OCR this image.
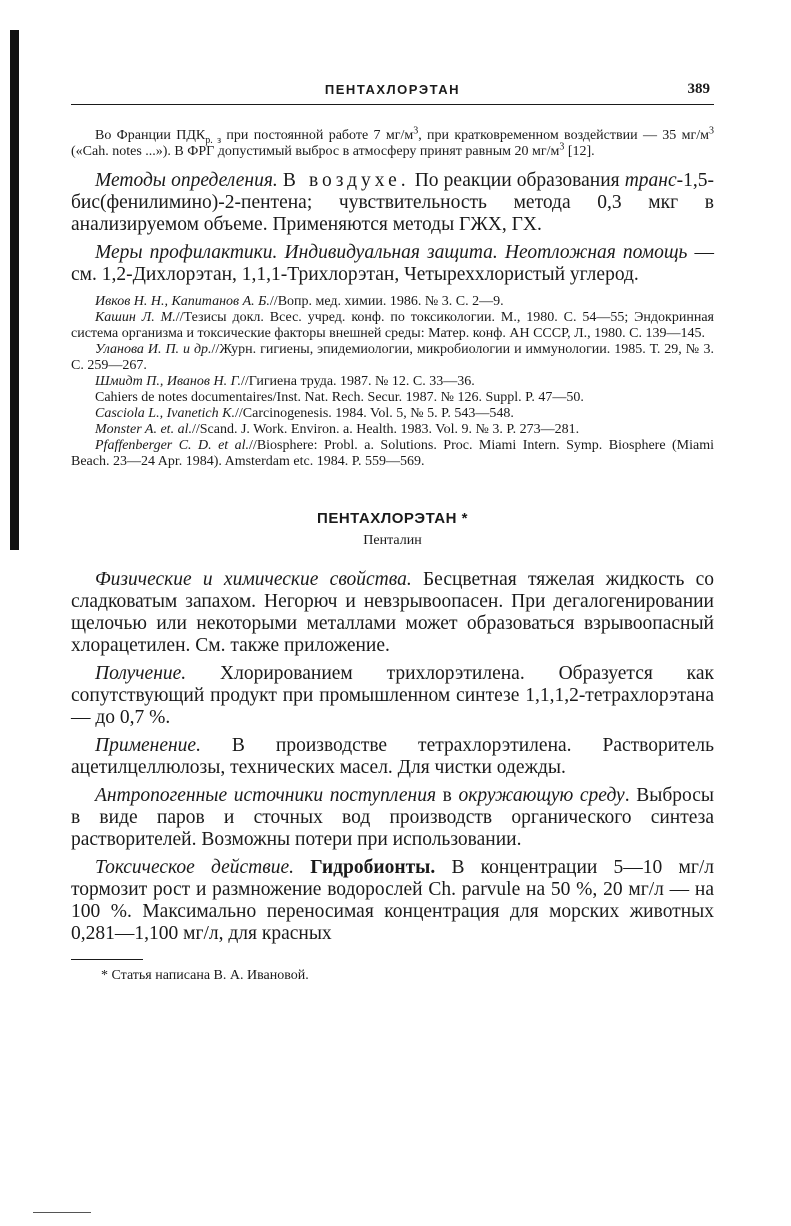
ПЕНТАХЛОРЭТАН	389

Во Франции $ПДК_{р. з}$ при постоянной работе 7 $мг/м^3$, при кратковременном воздействии — 35 $мг/м^3$ («Cah. notes ...»). В ФРГ допустимый выброс в атмосферу принят равным 20 $мг/м^3$ [12].

Методы определения. В воздухе. По реакции образования транс-1,5-бис(фенилимино)-2-пентена; чувствительность метода 0,3 мкг в анализируемом объеме. Применяются методы ГЖХ, ГХ.

Меры профилактики. Индивидуальная защита. Неотложная помощь — см. 1,2-Дихлорэтан, 1,1,1-Трихлорэтан, Четыреххлористый углерод.

Ивков Н. Н., Капитанов А. Б.//Вопр. мед. химии. 1986. № 3. С. 2—9.

Кашин Л. М.//Тезисы докл. Всес. учред. конф. по токсикологии. М., 1980. С. 54—55; Эндокринная система организма и токсические факторы внешней среды: Матер. конф. АН СССР, Л., 1980. С. 139—145.

Уланова И. П. и др.//Журн. гигиены, эпидемиологии, микробиологии и иммунологии. 1985. Т. 29, № 3. С. 259—267.

Шмидт П., Иванов Н. Г.//Гигиена труда. 1987. № 12. С. 33—36.

Cahiers de notes documentaires/Inst. Nat. Rech. Secur. 1987. № 126. Suppl. P. 47—50.

Casciola L., Ivanetich K.//Carcinogenesis. 1984. Vol. 5, № 5. P. 543—548.

Monster A. et. al.//Scand. J. Work. Environ. a. Health. 1983. Vol. 9. № 3. P. 273—281.

Pfaffenberger C. D. et al.//Biosphere: Probl. a. Solutions. Proc. Miami Intern. Symp. Biosphere (Miami Beach. 23—24 Apr. 1984). Amsterdam etc. 1984. P. 559—569.

ПЕНТАХЛОРЭТАН *
Пенталин

Физические и химические свойства. Бесцветная тяжелая жидкость со сладковатым запахом. Негорюч и невзрывоопасен. При дегалогенировании щелочью или некоторыми металлами может образоваться взрывоопасный хлорацетилен. См. также приложение.

Получение. Хлорированием трихлорэтилена. Образуется как сопутствующий продукт при промышленном синтезе 1,1,1,2-тетрахлорэтана — до 0,7 %.

Применение. В производстве тетрахлорэтилена. Растворитель ацетилцеллюлозы, технических масел. Для чистки одежды.

Антропогенные источники поступления в окружающую среду. Выбросы в виде паров и сточных вод производств органического синтеза растворителей. Возможны потери при использовании.

Токсическое действие. Гидробионты. В концентрации 5—10 мг/л тормозит рост и размножение водорослей Ch. parvule на 50 %, 20 мг/л — на 100 %. Максимально переносимая концентрация для морских животных 0,281—1,100 мг/л, для красных

* Статья написана В. А. Ивановой.
